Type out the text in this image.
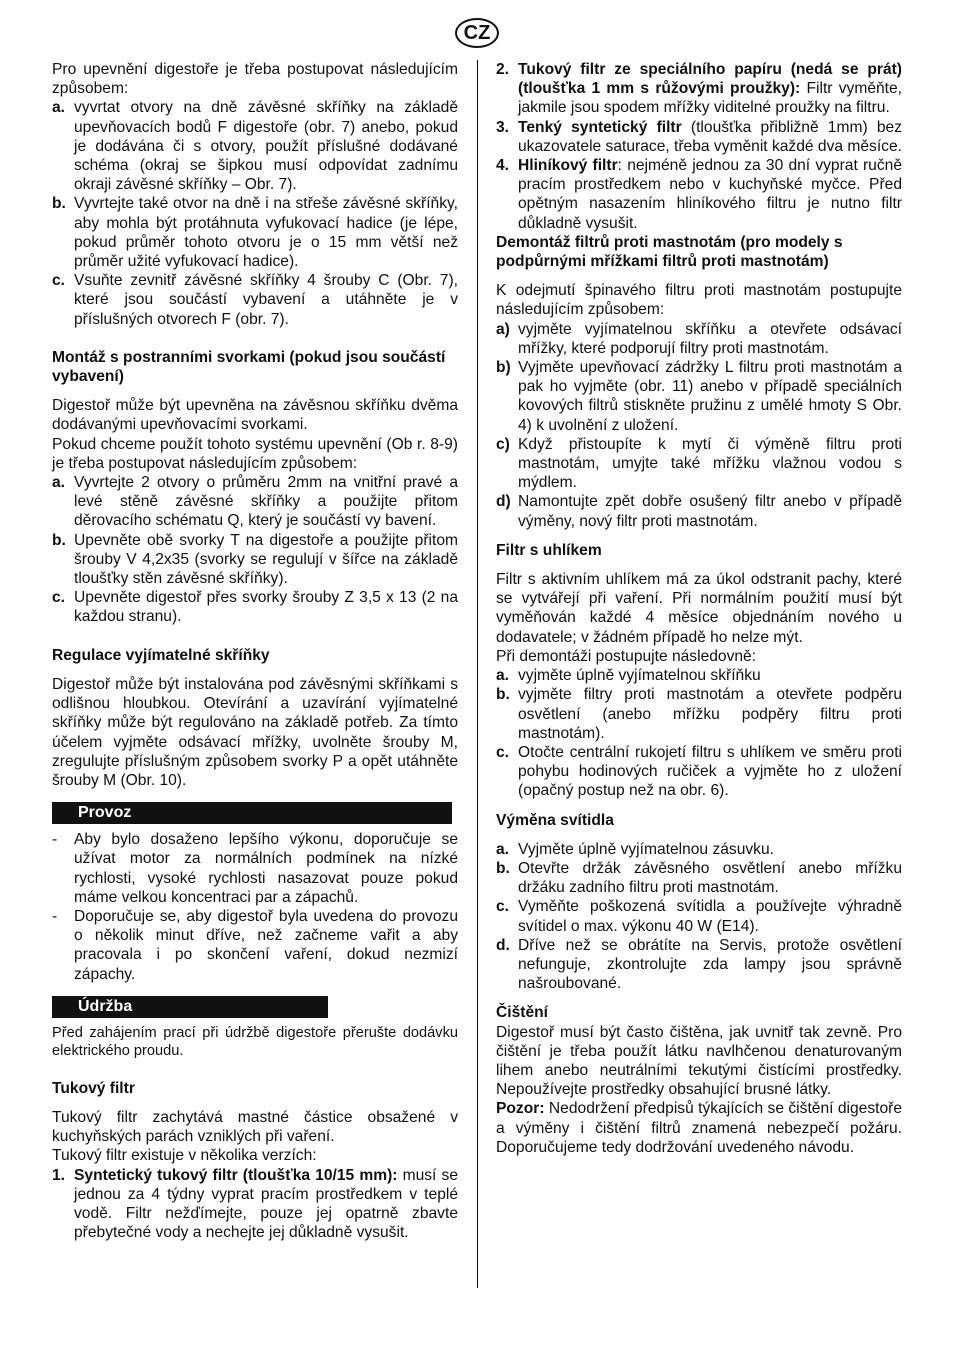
CZ

Pro upevnění digestoře je třeba postupovat následujícím způsobem:

a. vyvrtat otvory na dně závěsné skříňky na základě upevňovacích bodů F digestoře (obr. 7) anebo, pokud je dodávána či s otvory, použít příslušné dodávané schéma (okraj se šipkou musí odpovídat zadnímu okraji závěsné skříňky – Obr. 7).
b. Vyvrtejte také otvor na dně i na střeše závěsné skříňky, aby mohla být protáhnuta vyfukovací hadice (je lépe, pokud průměr tohoto otvoru je o 15 mm větší než průměr užité vyfukovací hadice).
c. Vsuňte zevnitř závěsné skříňky 4 šrouby C (Obr. 7), které jsou součástí vybavení a utáhněte je v příslušných otvorech F (obr. 7).
Montáž s postranními svorkami (pokud jsou součástí vybavení)

Digestoř může být upevněna na závěsnou skříňku dvěma dodávanými upevňovacími svorkami.

Pokud chceme použít tohoto systému upevnění (Ob r. 8-9) je třeba postupovat následujícím způsobem:

a. Vyvrtejte 2 otvory o průměru 2mm na vnitřní pravé a levé stěně závěsné skříňky a použijte přitom děrovacího schématu Q, který je součástí vy bavení.
b. Upevněte obě svorky T na digestoře a použijte přitom šrouby V 4,2x35 (svorky se regulují v šířce na základě tloušťky stěn závěsné skříňky).
c. Upevněte digestoř přes svorky šrouby Z 3,5 x 13 (2 na každou stranu).
Regulace vyjímatelné skříňky

Digestoř může být instalována pod závěsnými skříňkami s odlišnou hloubkou. Otevírání a uzavírání vyjímatelné skříňky může být regulováno na základě potřeb. Za tímto účelem vyjměte odsávací mřížky, uvolněte šrouby M, zregulujte příslušným způsobem svorky P a opět utáhněte šrouby M (Obr. 10).

Provoz
-	Aby bylo dosaženo lepšího výkonu, doporučuje se užívat motor za normálních podmínek na nízké rychlosti, vysoké rychlosti nasazovat pouze pokud máme velkou koncentraci par a zápachů.
-	Doporučuje se, aby digestoř byla uvedena do provozu o několik minut dříve, než začneme vařit a aby pracovala i po skončení vaření, dokud nezmizí zápachy.
Údržba

Před zahájením prací při údržbě digestoře přerušte dodávku elektrického proudu.

Tukový filtr

Tukový filtr zachytává mastné částice obsažené v kuchyňských parách vzniklých při vaření.

Tukový filtr existuje v několika verzích:

1. Syntetický tukový filtr (tloušťka 10/15 mm): musí se jednou za 4 týdny vyprat pracím prostředkem v teplé vodě. Filtr nežďímejte, pouze jej opatrně zbavte přebytečné vody a nechejte jej důkladně vysušit.
2. Tukový filtr ze speciálního papíru (nedá se prát) (tloušťka 1 mm s růžovými proužky): Filtr vyměňte, jakmile jsou spodem mřížky viditelné proužky na filtru.
3. Tenký syntetický filtr (tloušťka přibližně 1mm) bez ukazovatele saturace, třeba vyměnit každé dva měsíce.
4. Hliníkový filtr: nejméně jednou za 30 dní vyprat ručně pracím prostředkem nebo v kuchyňské myčce. Před opětným nasazením hliníkového filtru je nutno filtr důkladně vysušit.
Demontáž filtrů proti mastnotám (pro modely s podpůrnými mřížkami filtrů proti mastnotám)

K odejmutí špinavého filtru proti mastnotám postupujte následujícím způsobem:

a) vyjměte vyjímatelnou skříňku a otevřete odsávací mřížky, které podporují filtry proti mastnotám.
b) Vyjměte upevňovací zádržky L filtru proti mastnotám a pak ho vyjměte (obr. 11) anebo v případě speciálních kovových filtrů stiskněte pružinu z umělé hmoty S Obr. 4) k uvolnění z uložení.
c) Když přistoupíte k mytí či výměně filtru proti mastnotám, umyjte také mřížku vlažnou vodou s mýdlem.
d) Namontujte zpět dobře osušený filtr anebo v případě výměny, nový filtr proti mastnotám.
Filtr s uhlíkem

Filtr s aktivním uhlíkem má za úkol odstranit pachy, které se vytvářejí při vaření. Při normálním použití musí být vyměňován každé 4 měsíce objednáním nového u dodavatele; v žádném případě ho nelze mýt.

Při demontáži postupujte následovně:

a. vyjměte úplně vyjímatelnou skříňku
b. vyjměte filtry proti mastnotám a otevřete podpěru osvětlení (anebo mřížku podpěry filtru proti mastnotám).
c. Otočte centrální rukojetí filtru s uhlíkem ve směru proti pohybu hodinových ručiček a vyjměte ho z uložení (opačný postup než na obr. 6).
Výměna svítidla
a. Vyjměte úplně vyjímatelnou zásuvku.
b. Otevřte držák závěsného osvětlení anebo mřížku držáku zadního filtru proti mastnotám.
c. Vyměňte poškozená svítidla a používejte výhradně svítidel o max. výkonu 40 W (E14).
d. Dříve než se obrátíte na Servis, protože osvětlení nefunguje, zkontrolujte zda lampy jsou správně našroubované.
Čištění

Digestoř musí být často čištěna, jak uvnitř tak zevně. Pro čištění je třeba použít látku navlhčenou denaturovaným lihem anebo neutrálními tekutými čistícími prostředky. Nepoužívejte prostředky obsahující brusné látky.

Pozor: Nedodržení předpisů týkajících se čištění digestoře a výměny i čištění filtrů znamená nebezpečí požáru. Doporučujeme tedy dodržování uvedeného návodu.
